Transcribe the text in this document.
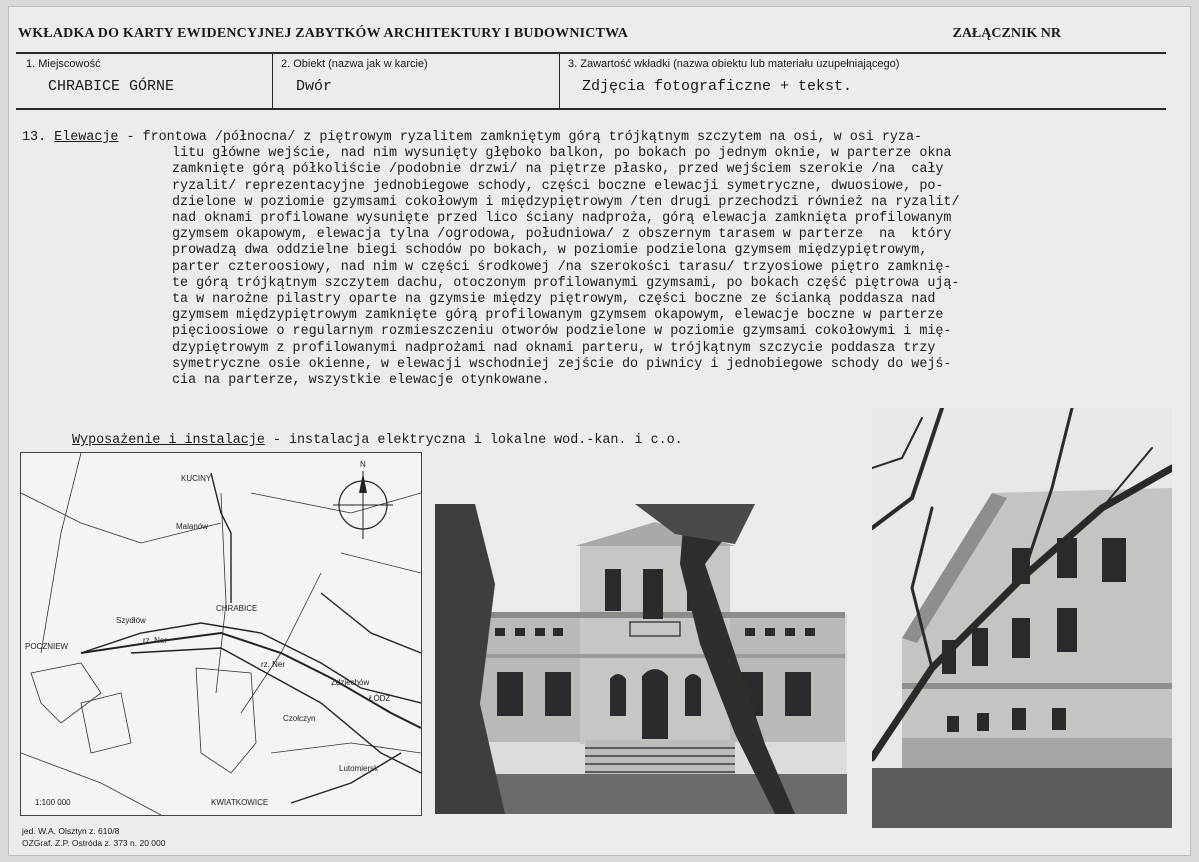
WKŁADKA DO KARTY EWIDENCYJNEJ ZABYTKÓW ARCHITEKTURY I BUDOWNICTWA	ZAŁĄCZNIK NR
1. Miejscowość
CHRABICE GÓRNE
2. Obiekt (nazwa jak w karcie)
Dwór
3. Zawartość wkładki (nazwa obiektu lub materiału uzupełniającego)
Zdjęcia fotograficzne + tekst.
13. Elewacje - frontowa /północna/ z piętrowym ryzalitem zamkniętym górą trójkątnym szczytem na osi, w osi ryza-
litu główne wejście, nad nim wysunięty głęboko balkon, po bokach po jednym oknie, w parterze okna
zamknięte górą półkoliście /podobnie drzwi/ na piętrze płasko, przed wejściem szerokie /na  cały
ryzalit/ reprezentacyjne jednobiegowe schody, części boczne elewacji symetryczne, dwuosiowe, po-
dzielone w poziomie gzymsami cokołowym i międzypiętrowym /ten drugi przechodzi również na ryzalit/
nad oknami profilowane wysunięte przed lico ściany nadproża, górą elewacja zamknięta profilowanym
gzymsem okapowym, elewacja tylna /ogrodowa, południowa/ z obszernym tarasem w parterze  na  który
prowadzą dwa oddzielne biegi schodów po bokach, w poziomie podzielona gzymsem międzypiętrowym,
parter czteroosiowy, nad nim w części środkowej /na szerokości tarasu/ trzyosiowe piętro zamknię-
te górą trójkątnym szczytem dachu, otoczonym profilowanymi gzymsami, po bokach część piętrowa ują-
ta w narożne pilastry oparte na gzymsie między piętrowym, części boczne ze ścianką poddasza nad
gzymsem międzypiętrowym zamknięte górą profilowanym gzymsem okapowym, elewacje boczne w parterze
pięcioosiowe o regularnym rozmieszczeniu otworów podzielone w poziomie gzymsami cokołowymi i mię-
dzypiętrowym z profilowanymi nadprożami nad oknami parteru, w trójkątnym szczycie poddasza trzy
symetryczne osie okienne, w elewacji wschodniej zejście do piwnicy i jednobiegowe schody do wejś-
cia na parterze, wszystkie elewacje otynkowane.
Wyposażenie i instalacje - instalacja elektryczna i lokalne wod.-kan. i c.o.
N
KUCINY
Malanów
CHRABICE
Szydłów
rz. Ner
rz. Ner
POCZNIEW
Zdziechów
ŁÓDŹ
Czołczyn
Lutomiersk
KWIATKOWICE
1:100 000
jed. W.A. Olsztyn z. 610/8
OZGraf. Z.P. Ostróda z. 373 n. 20 000
